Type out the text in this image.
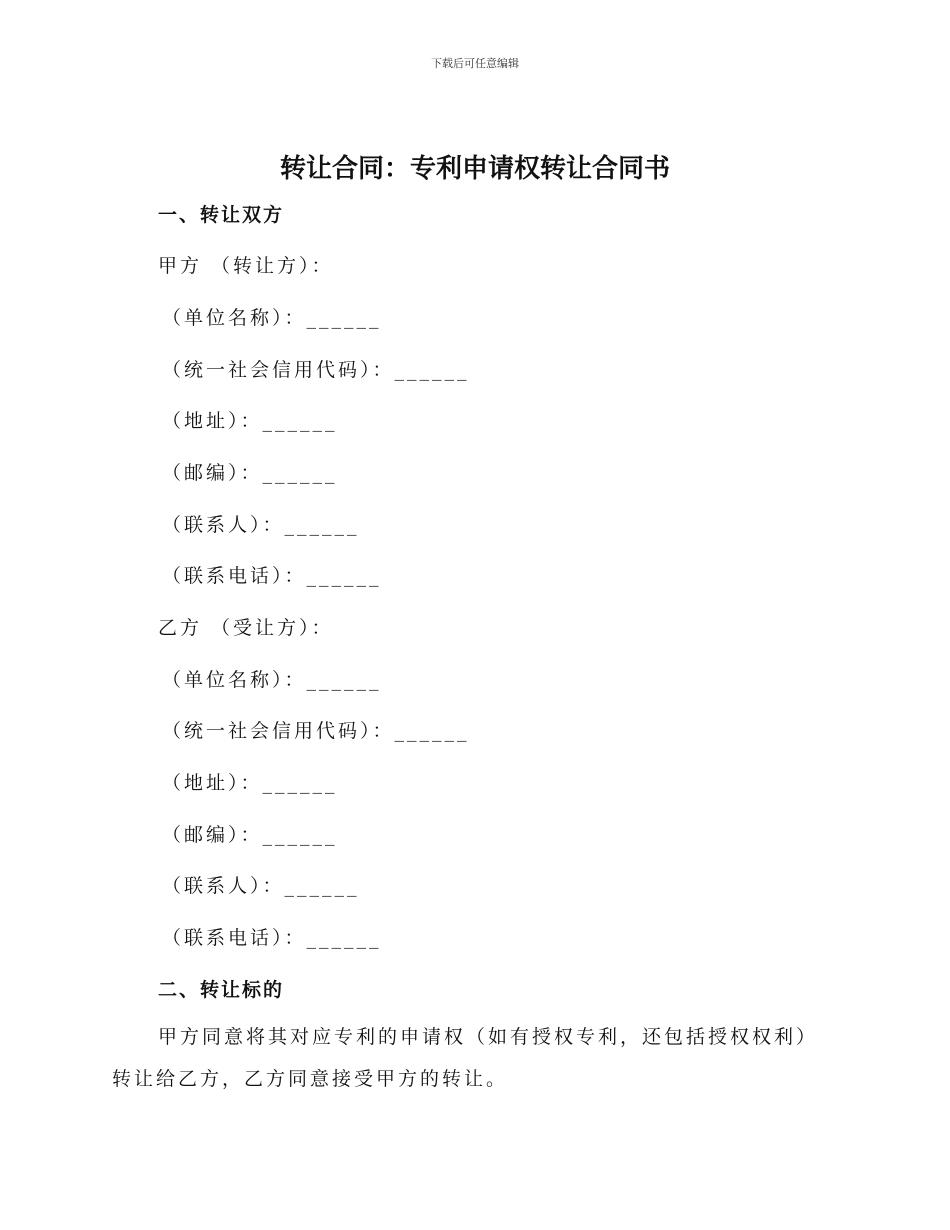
下载后可任意编辑
转让合同：专利申请权转让合同书
一、转让双方
甲方 （转让方）：
（单位名称）：______
（统一社会信用代码）：______
（地址）：______
（邮编）：______
（联系人）：______
（联系电话）：______
乙方 （受让方）：
（单位名称）：______
（统一社会信用代码）：______
（地址）：______
（邮编）：______
（联系人）：______
（联系电话）：______
二、转让标的
甲方同意将其对应专利的申请权（如有授权专利，还包括授权权利）转让给乙方，乙方同意接受甲方的转让。
